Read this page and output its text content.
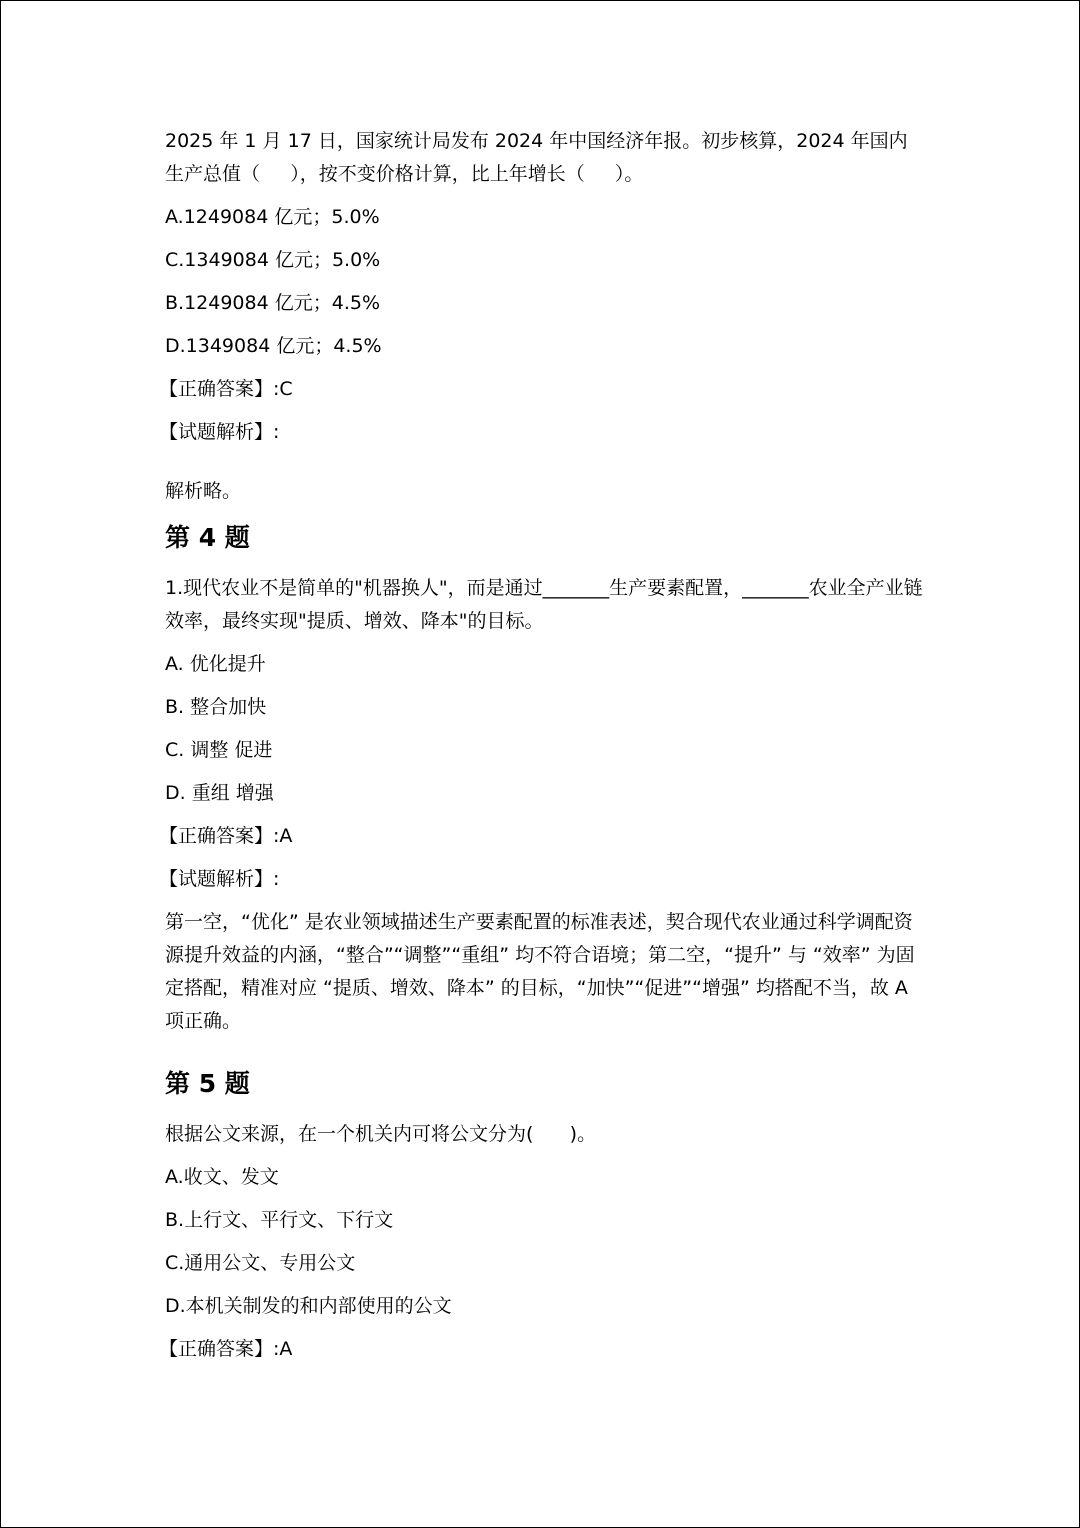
2025 年 1 月 17 日，国家统计局发布 2024 年中国经济年报。初步核算，2024 年国内生产总值（     ），按不变价格计算，比上年增长（     ）。

A.1249084 亿元；5.0%

C.1349084 亿元；5.0%

B.1249084 亿元；4.5%

D.1349084 亿元；4.5%

【正确答案】:C

【试题解析】:

解析略。

第 4 题

1.现代农业不是简单的"机器换人"，而是通过_______生产要素配置，_______农业全产业链效率，最终实现"提质、增效、降本"的目标。

A. 优化提升

B. 整合加快

C. 调整 促进

D. 重组 增强

【正确答案】:A

【试题解析】:

第一空，“优化” 是农业领域描述生产要素配置的标准表述，契合现代农业通过科学调配资源提升效益的内涵，“整合”“调整”“重组” 均不符合语境；第二空，“提升” 与 “效率” 为固定搭配，精准对应 “提质、增效、降本” 的目标，“加快”“促进”“增强” 均搭配不当，故 A 项正确。

第 5 题

根据公文来源，在一个机关内可将公文分为(      )。

A.收文、发文

B.上行文、平行文、下行文

C.通用公文、专用公文

D.本机关制发的和内部使用的公文

【正确答案】:A
